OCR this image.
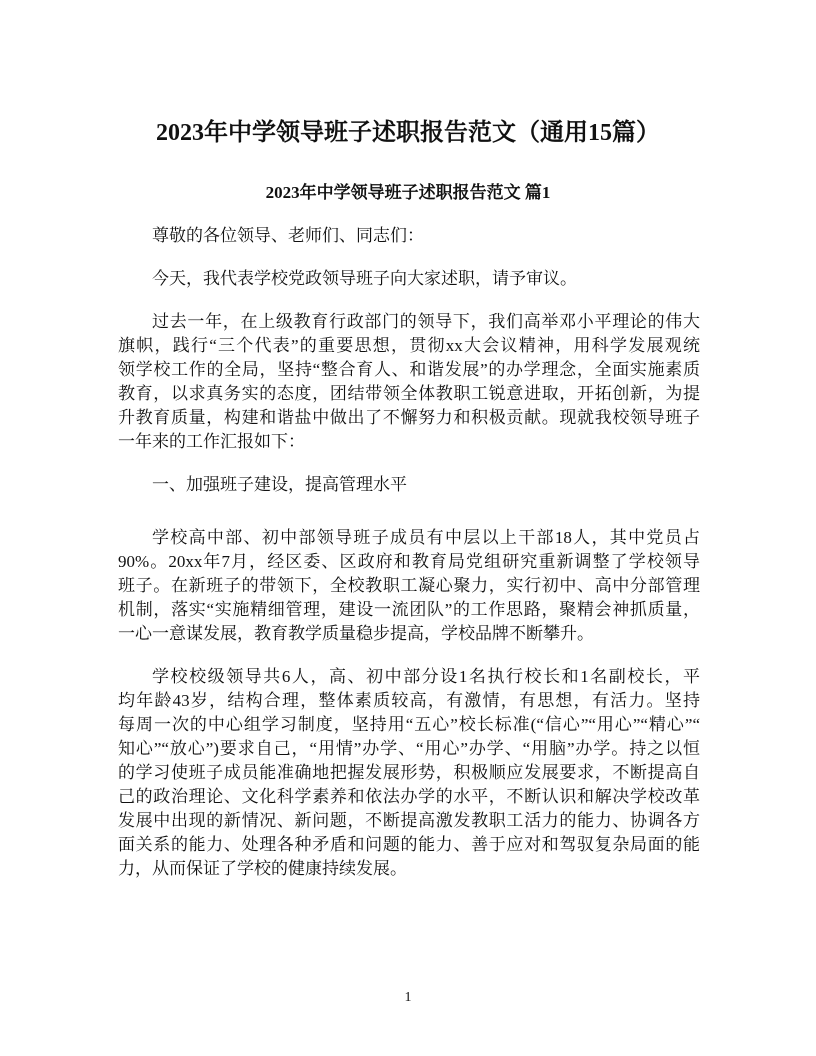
2023年中学领导班子述职报告范文（通用15篇）
2023年中学领导班子述职报告范文 篇1
尊敬的各位领导、老师们、同志们：
今天，我代表学校党政领导班子向大家述职，请予审议。
过去一年，在上级教育行政部门的领导下，我们高举邓小平理论的伟大
旗帜，践行“三个代表”的重要思想，贯彻xx大会议精神，用科学发展观统
领学校工作的全局，坚持“整合育人、和谐发展”的办学理念，全面实施素质
教育，以求真务实的态度，团结带领全体教职工锐意进取，开拓创新，为提
升教育质量，构建和谐盐中做出了不懈努力和积极贡献。现就我校领导班子
一年来的工作汇报如下：
一、加强班子建设，提高管理水平
学校高中部、初中部领导班子成员有中层以上干部18人，其中党员占
90%。20xx年7月，经区委、区政府和教育局党组研究重新调整了学校领导
班子。在新班子的带领下，全校教职工凝心聚力，实行初中、高中分部管理
机制，落实“实施精细管理，建设一流团队”的工作思路，聚精会神抓质量，
一心一意谋发展，教育教学质量稳步提高，学校品牌不断攀升。
学校校级领导共6人，高、初中部分设1名执行校长和1名副校长，平
均年龄43岁，结构合理，整体素质较高，有激情，有思想，有活力。坚持
每周一次的中心组学习制度，坚持用“五心”校长标准(“信心”“用心”“精心”“
知心”“放心”)要求自己，“用情”办学、“用心”办学、“用脑”办学。持之以恒
的学习使班子成员能准确地把握发展形势，积极顺应发展要求，不断提高自
己的政治理论、文化科学素养和依法办学的水平，不断认识和解决学校改革
发展中出现的新情况、新问题，不断提高激发教职工活力的能力、协调各方
面关系的能力、处理各种矛盾和问题的能力、善于应对和驾驭复杂局面的能
力，从而保证了学校的健康持续发展。
1
